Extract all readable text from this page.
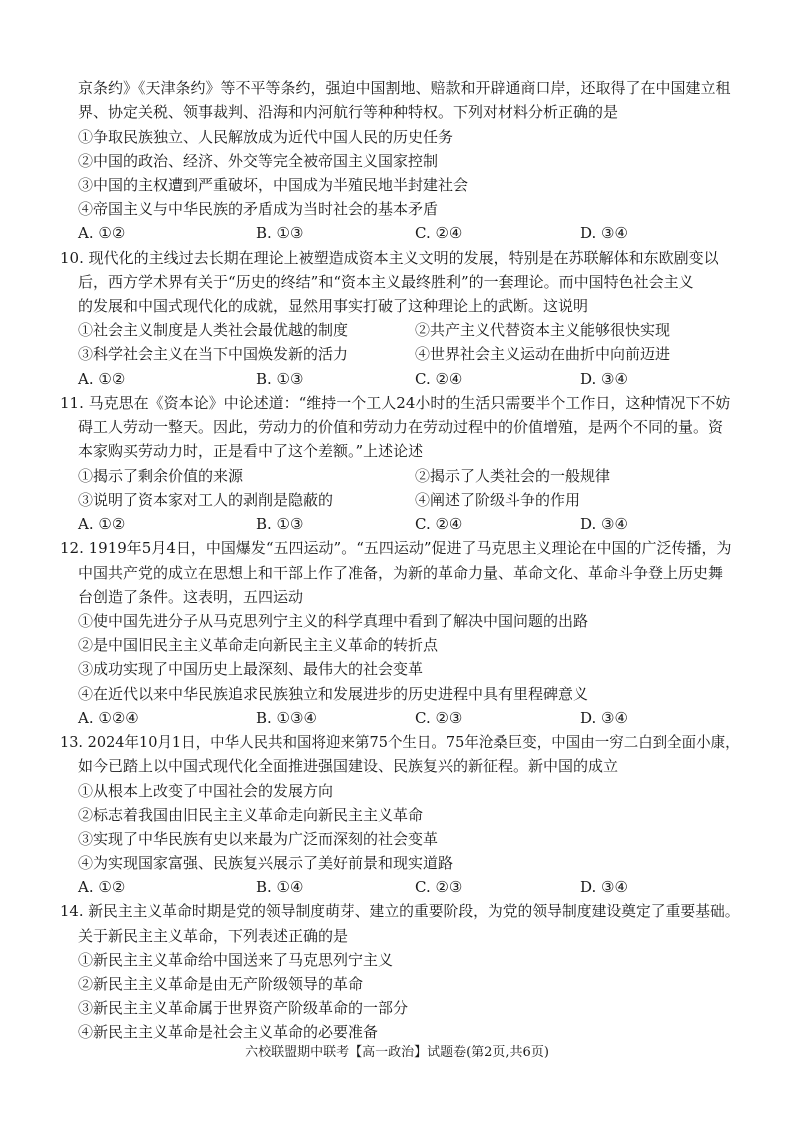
京条约》《天津条约》等不平等条约，强迫中国割地、赔款和开辟通商口岸，还取得了在中国建立租
界、协定关税、领事裁判、沿海和内河航行等种种特权。下列对材料分析正确的是
①争取民族独立、人民解放成为近代中国人民的历史任务
②中国的政治、经济、外交等完全被帝国主义国家控制
③中国的主权遭到严重破坏，中国成为半殖民地半封建社会
④帝国主义与中华民族的矛盾成为当时社会的基本矛盾
A. ①②	B. ①③	C. ②④	D. ③④
10. 现代化的主线过去长期在理论上被塑造成资本主义文明的发展，特别是在苏联解体和东欧剧变以
后，西方学术界有关于“历史的终结”和“资本主义最终胜利”的一套理论。而中国特色社会主义
的发展和中国式现代化的成就，显然用事实打破了这种理论上的武断。这说明
①社会主义制度是人类社会最优越的制度	②共产主义代替资本主义能够很快实现
③科学社会主义在当下中国焕发新的活力	④世界社会主义运动在曲折中向前迈进
A. ①②	B. ①③	C. ②④	D. ③④
11. 马克思在《资本论》中论述道：“维持一个工人24小时的生活只需要半个工作日，这种情况下不妨
碍工人劳动一整天。因此，劳动力的价值和劳动力在劳动过程中的价值增殖，是两个不同的量。资
本家购买劳动力时，正是看中了这个差额。”上述论述
①揭示了剩余价值的来源	②揭示了人类社会的一般规律
③说明了资本家对工人的剥削是隐蔽的	④阐述了阶级斗争的作用
A. ①②	B. ①③	C. ②④	D. ③④
12. 1919年5月4日，中国爆发“五四运动”。“五四运动”促进了马克思主义理论在中国的广泛传播，为
中国共产党的成立在思想上和干部上作了准备，为新的革命力量、革命文化、革命斗争登上历史舞
台创造了条件。这表明，五四运动
①使中国先进分子从马克思列宁主义的科学真理中看到了解决中国问题的出路
②是中国旧民主主义革命走向新民主主义革命的转折点
③成功实现了中国历史上最深刻、最伟大的社会变革
④在近代以来中华民族追求民族独立和发展进步的历史进程中具有里程碑意义
A. ①②④	B. ①③④	C. ②③	D. ③④
13. 2024年10月1日，中华人民共和国将迎来第75个生日。75年沧桑巨变，中国由一穷二白到全面小康，
如今已踏上以中国式现代化全面推进强国建设、民族复兴的新征程。新中国的成立
①从根本上改变了中国社会的发展方向
②标志着我国由旧民主主义革命走向新民主主义革命
③实现了中华民族有史以来最为广泛而深刻的社会变革
④为实现国家富强、民族复兴展示了美好前景和现实道路
A. ①②	B. ①④	C. ②③	D. ③④
14. 新民主主义革命时期是党的领导制度萌芽、建立的重要阶段，为党的领导制度建设奠定了重要基础。
关于新民主主义革命，下列表述正确的是
①新民主主义革命给中国送来了马克思列宁主义
②新民主主义革命是由无产阶级领导的革命
③新民主主义革命属于世界资产阶级革命的一部分
④新民主主义革命是社会主义革命的必要准备
六校联盟期中联考【高一政治】试题卷(第2页,共6页)
